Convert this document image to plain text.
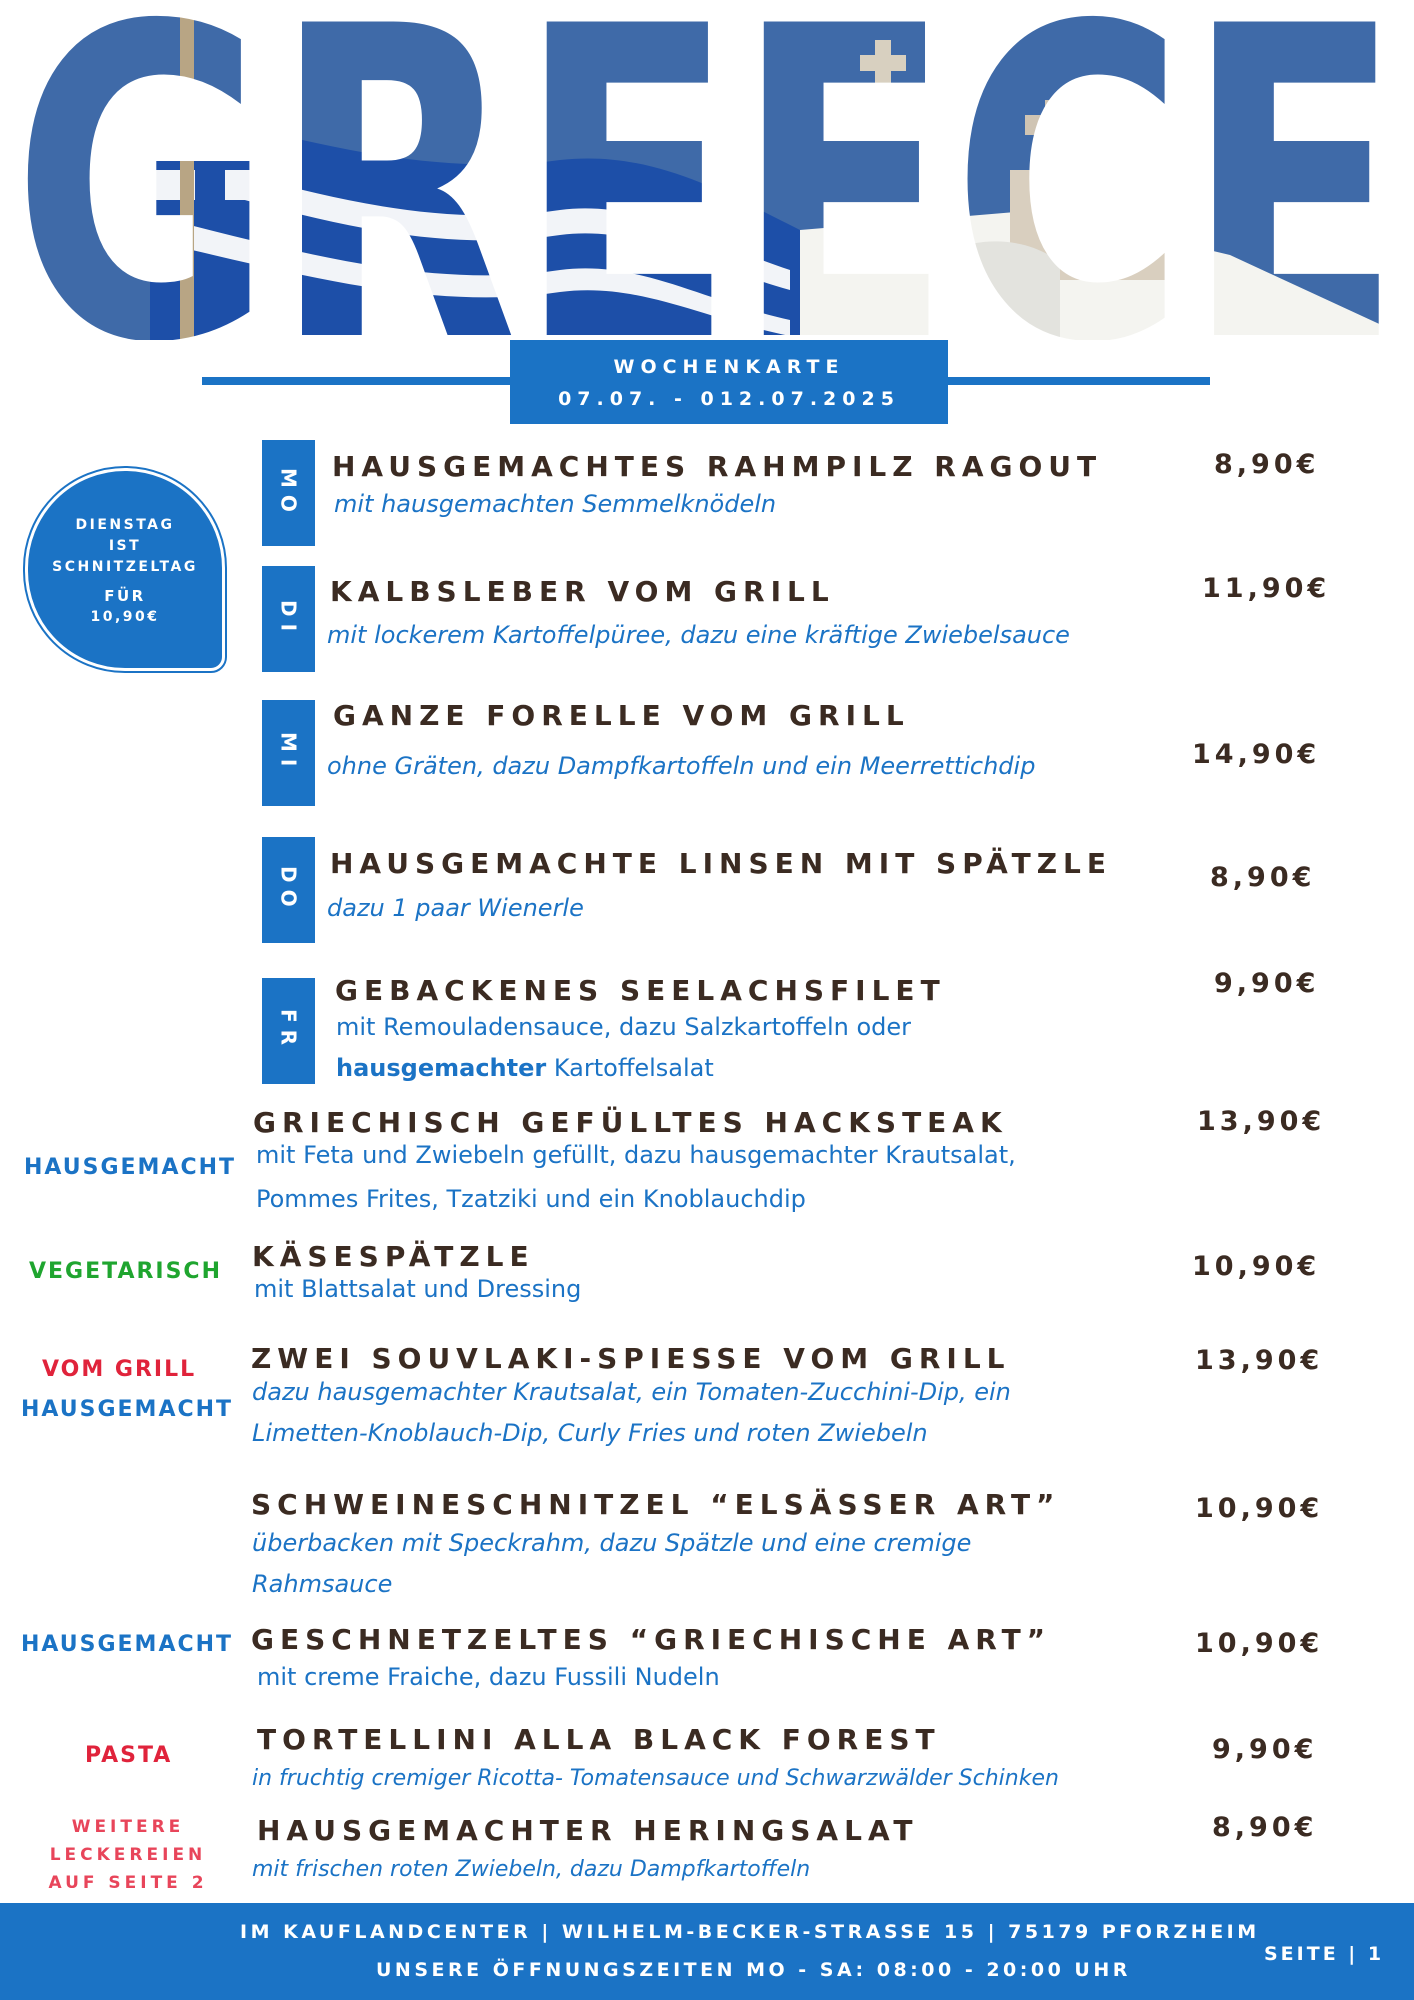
WOCHENKARTE
07.07. - 012.07.2025
DIENSTAG
IST
SCHNITZELTAG
FÜR
10,90€
MO
HAUSGEMACHTES RAHMPILZ RAGOUT
mit hausgemachten Semmelknödeln
8,90€
DI
KALBSLEBER VOM GRILL
mit lockerem Kartoffelpüree, dazu eine kräftige Zwiebelsauce
11,90€
MI
GANZE FORELLE VOM GRILL
ohne Gräten, dazu Dampfkartoffeln und ein Meerrettichdip	14,90€
DO
HAUSGEMACHTE LINSEN MIT SPÄTZLE
dazu 1 paar Wienerle
8,90€
FR
GEBACKENES SEELACHSFILET
mit Remouladensauce, dazu Salzkartoffeln oder
hausgemachter Kartoffelsalat
9,90€
HAUSGEMACHT
GRIECHISCH GEFÜLLTES HACKSTEAK
mit Feta und Zwiebeln gefüllt, dazu hausgemachter Krautsalat,
Pommes Frites, Tzatziki und ein Knoblauchdip
13,90€
VEGETARISCH KÄSESPÄTZLE
mit Blattsalat und Dressing
10,90€
VOM GRILL
HAUSGEMACHT
ZWEI SOUVLAKI-SPIESSE VOM GRILL
dazu hausgemachter Krautsalat, ein Tomaten-Zucchini-Dip, ein
Limetten-Knoblauch-Dip, Curly Fries und roten Zwiebeln
13,90€
SCHWEINESCHNITZEL “ELSÄSSER ART”
überbacken mit Speckrahm, dazu Spätzle und eine cremige
Rahmsauce
10,90€
HAUSGEMACHT GESCHNETZELTES “GRIECHISCHE ART”
mit creme Fraiche, dazu Fussili Nudeln
10,90€
PASTA	TORTELLINI ALLA BLACK FOREST
in fruchtig cremiger Ricotta- Tomatensauce und Schwarzwälder Schinken
9,90€
WEITERE
LECKEREIEN
AUF SEITE 2
HAUSGEMACHTER HERINGSALAT
mit frischen roten Zwiebeln, dazu Dampfkartoffeln
8,90€
IM KAUFLANDCENTER | WILHELM-BECKER-STRASSE 15 | 75179 PFORZHEIM
UNSERE ÖFFNUNGSZEITEN MO - SA: 08:00 - 20:00 UHR
SEITE | 1
